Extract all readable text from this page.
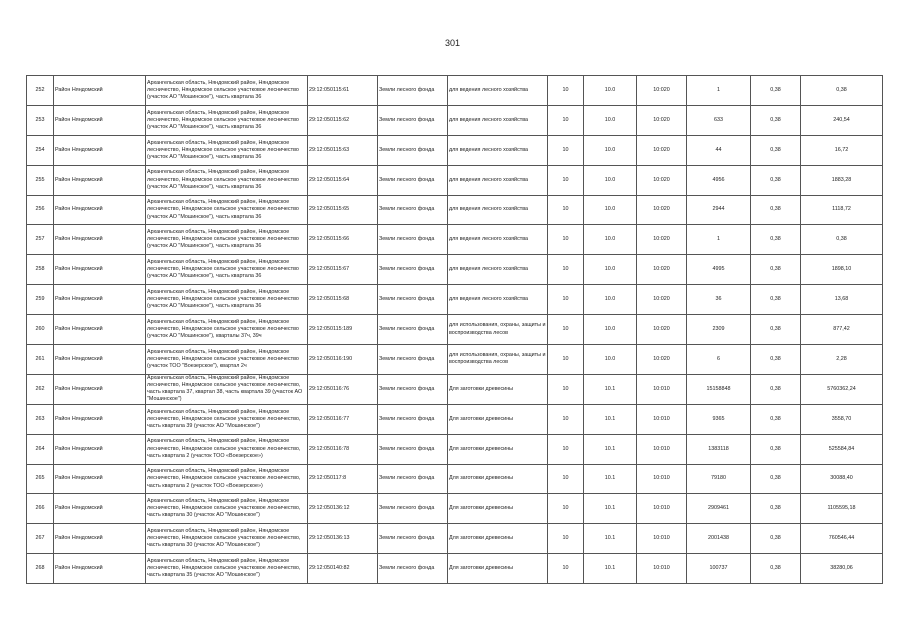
301
252	Район Няндомский	Архангельская область, Няндомский район, Няндомское лесничество, Няндомское сельское участковое лесничество (участок АО "Мошинское"), часть квартала 36	29:12:050115:61	Земли лесного фонда	для ведения лесного хозяйства	10	10.0	10:020	1	0,38	0,38
253	Район Няндомский	Архангельская область, Няндомский район, Няндомское лесничество, Няндомское сельское участковое лесничество (участок АО "Мошинское"), часть квартала 36	29:12:050115:62	Земли лесного фонда	для ведения лесного хозяйства	10	10.0	10:020	633	0,38	240,54
254	Район Няндомский	Архангельская область, Няндомский район, Няндомское лесничество, Няндомское сельское участковое лесничество (участок АО "Мошинское"), часть квартала 36	29:12:050115:63	Земли лесного фонда	для ведения лесного хозяйства	10	10.0	10:020	44	0,38	16,72
255	Район Няндомский	Архангельская область, Няндомский район, Няндомское лесничество, Няндомское сельское участковое лесничество (участок АО "Мошинское"), часть квартала 36	29:12:050115:64	Земли лесного фонда	для ведения лесного хозяйства	10	10.0	10:020	4956	0,38	1883,28
256	Район Няндомский	Архангельская область, Няндомский район, Няндомское лесничество, Няндомское сельское участковое лесничество (участок АО "Мошинское"), часть квартала 36	29:12:050115:65	Земли лесного фонда	для ведения лесного хозяйства	10	10.0	10:020	2944	0,38	1118,72
257	Район Няндомский	Архангельская область, Няндомский район, Няндомское лесничество, Няндомское сельское участковое лесничество (участок АО "Мошинское"), часть квартала 36	29:12:050115:66	Земли лесного фонда	для ведения лесного хозяйства	10	10.0	10:020	1	0,38	0,38
258	Район Няндомский	Архангельская область, Няндомский район, Няндомское лесничество, Няндомское сельское участковое лесничество (участок АО "Мошинское"), часть квартала 36	29:12:050115:67	Земли лесного фонда	для ведения лесного хозяйства	10	10.0	10:020	4995	0,38	1898,10
259	Район Няндомский	Архангельская область, Няндомский район, Няндомское лесничество, Няндомское сельское участковое лесничество (участок АО "Мошинское"), часть квартала 36	29:12:050115:68	Земли лесного фонда	для ведения лесного хозяйства	10	10.0	10:020	36	0,38	13,68
260	Район Няндомский	Архангельская область, Няндомский район, Няндомское лесничество, Няндомское сельское участковое лесничество (участок АО "Мошинское"), кварталы 37ч, 39ч	29:12:050115:189	Земли лесного фонда	для использования, охраны, защиты и воспроизводства лесов	10	10.0	10:020	2309	0,38	877,42
261	Район Няндомский	Архангельская область, Няндомский район, Няндомское лесничество, Няндомское сельское участковое лесничество (участок ТОО "Воезерское"), квартал 2ч	29:12:050116:190	Земли лесного фонда	для использования, охраны, защиты и воспроизводства лесов	10	10.0	10:020	6	0,38	2,28
262	Район Няндомский	Архангельская область, Няндомский район, Няндомское лесничество, Няндомское сельское участковое лесничество, часть квартала 37, квартал 38, часть квартала 39 (участок АО "Мошинское")	29:12:050116:76	Земли лесного фонда	Для заготовки древесины	10	10.1	10:010	15158848	0,38	5760362,24
263	Район Няндомский	Архангельская область, Няндомский район, Няндомское лесничество, Няндомское сельское участковое лесничество, часть квартала 39 (участок АО "Мошинское")	29:12:050116:77	Земли лесного фонда	Для заготовки древесины	10	10.1	10:010	9365	0,38	3558,70
264	Район Няндомский	Архангельская область, Няндомский район, Няндомское лесничество, Няндомское сельское участковое лесничество, часть квартала 2 (участок ТОО «Воезерское»)	29:12:050116:78	Земли лесного фонда	Для заготовки древесины	10	10.1	10:010	1383118	0,38	525584,84
265	Район Няндомский	Архангельская область, Няндомский район, Няндомское лесничество, Няндомское сельское участковое лесничество, часть квартала 2 (участок ТОО «Воезерское»)	29:12:050117:8	Земли лесного фонда	Для заготовки древесины	10	10.1	10:010	79180	0,38	30088,40
266	Район Няндомский	Архангельская область, Няндомский район, Няндомское лесничество, Няндомское сельское участковое лесничество, часть квартала 30 (участок АО "Мошинское")	29:12:050136:12	Земли лесного фонда	Для заготовки древесины	10	10.1	10:010	2909461	0,38	1105595,18
267	Район Няндомский	Архангельская область, Няндомский район, Няндомское лесничество, Няндомское сельское участковое лесничество, часть квартала 30 (участок АО "Мошинское")	29:12:050136:13	Земли лесного фонда	Для заготовки древесины	10	10.1	10:010	2001438	0,38	760546,44
268	Район Няндомский	Архангельская область, Няндомский район, Няндомское лесничество, Няндомское сельское участковое лесничество, часть квартала 35 (участок АО "Мошинское")	29:12:050140:82	Земли лесного фонда	Для заготовки древесины	10	10.1	10:010	100737	0,38	38280,06
